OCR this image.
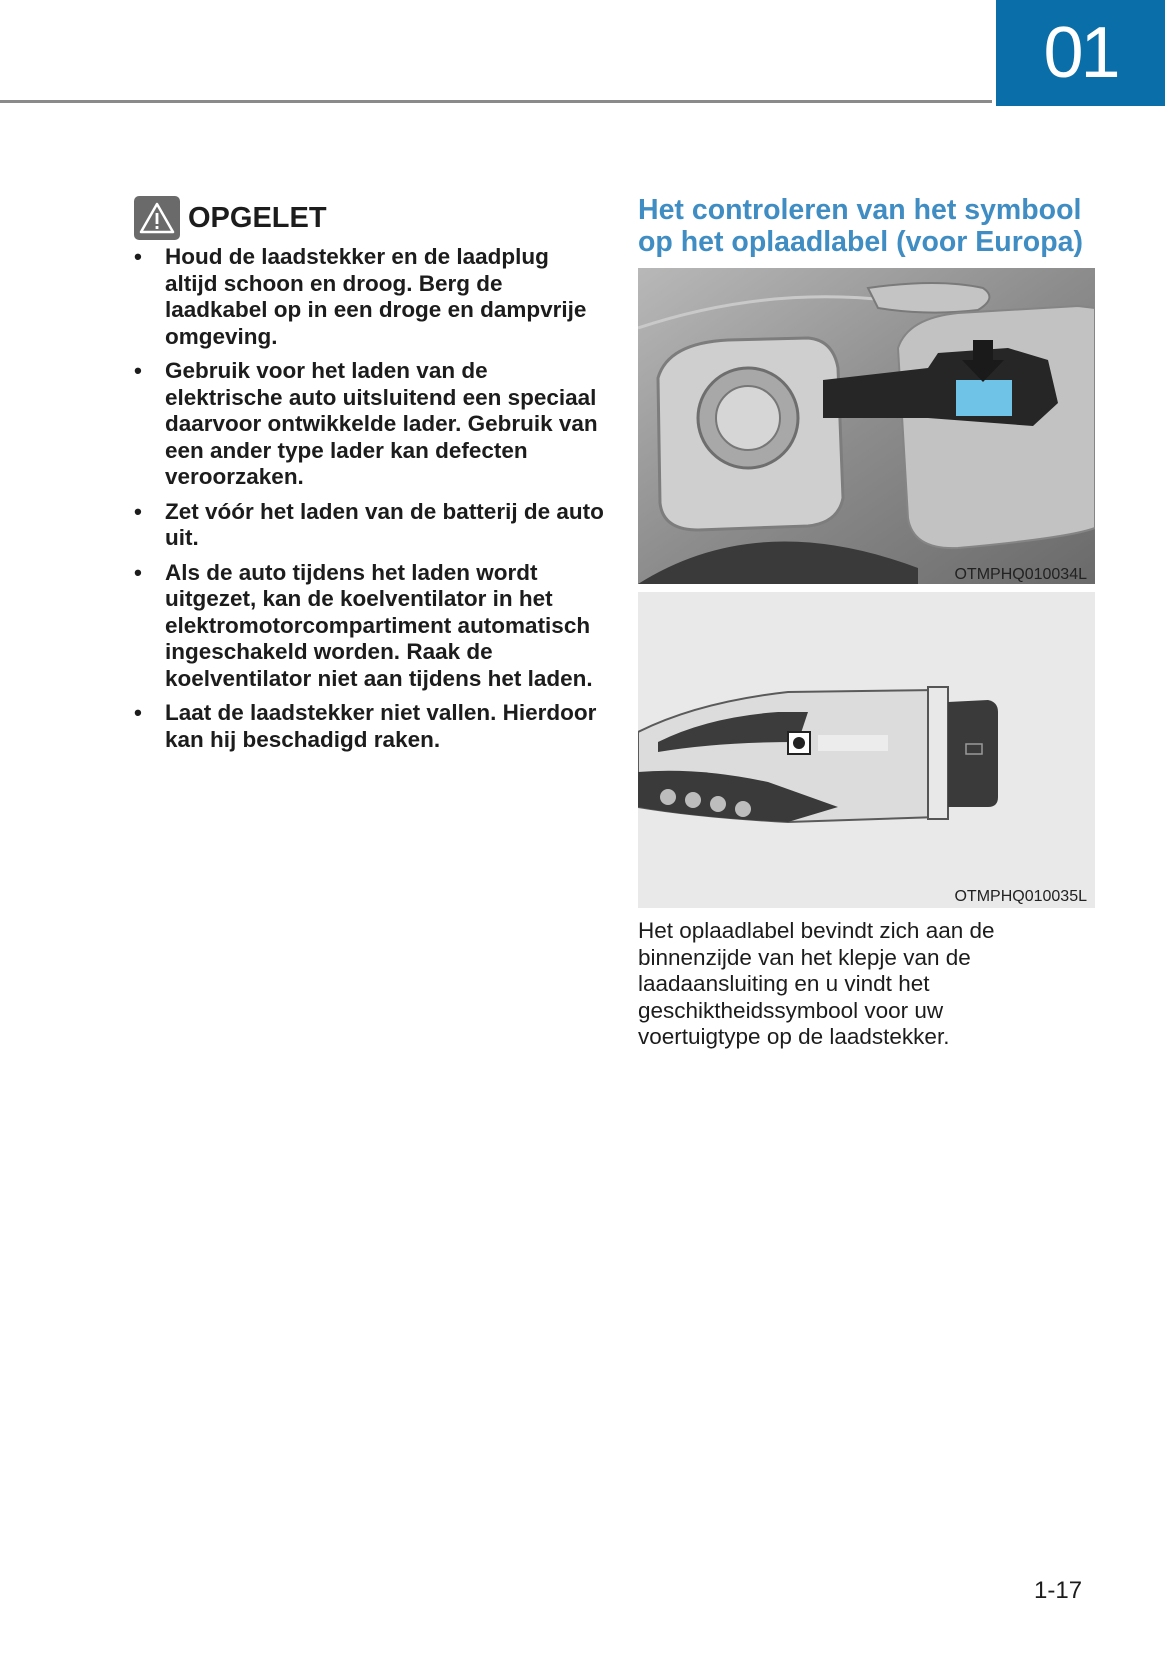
01
OPGELET
• Houd de laadstekker en de laadplug altijd schoon en droog. Berg de laadkabel op in een droge en dampvrije omgeving.
• Gebruik voor het laden van de elektrische auto uitsluitend een speciaal daarvoor ontwikkelde lader. Gebruik van een ander type lader kan defecten veroorzaken.
• Zet vóór het laden van de batterij de auto uit.
• Als de auto tijdens het laden wordt uitgezet, kan de koelventilator in het elektromotorcompartiment automatisch ingeschakeld worden. Raak de koelventilator niet aan tijdens het laden.
• Laat de laadstekker niet vallen. Hierdoor kan hij beschadigd raken.
Het controleren van het symbool op het oplaadlabel (voor Europa)
OTMPHQ010034L
OTMPHQ010035L
Het oplaadlabel bevindt zich aan de binnenzijde van het klepje van de laadaansluiting en u vindt het geschiktheidssymbool voor uw voertuigtype op de laadstekker.
1-17
